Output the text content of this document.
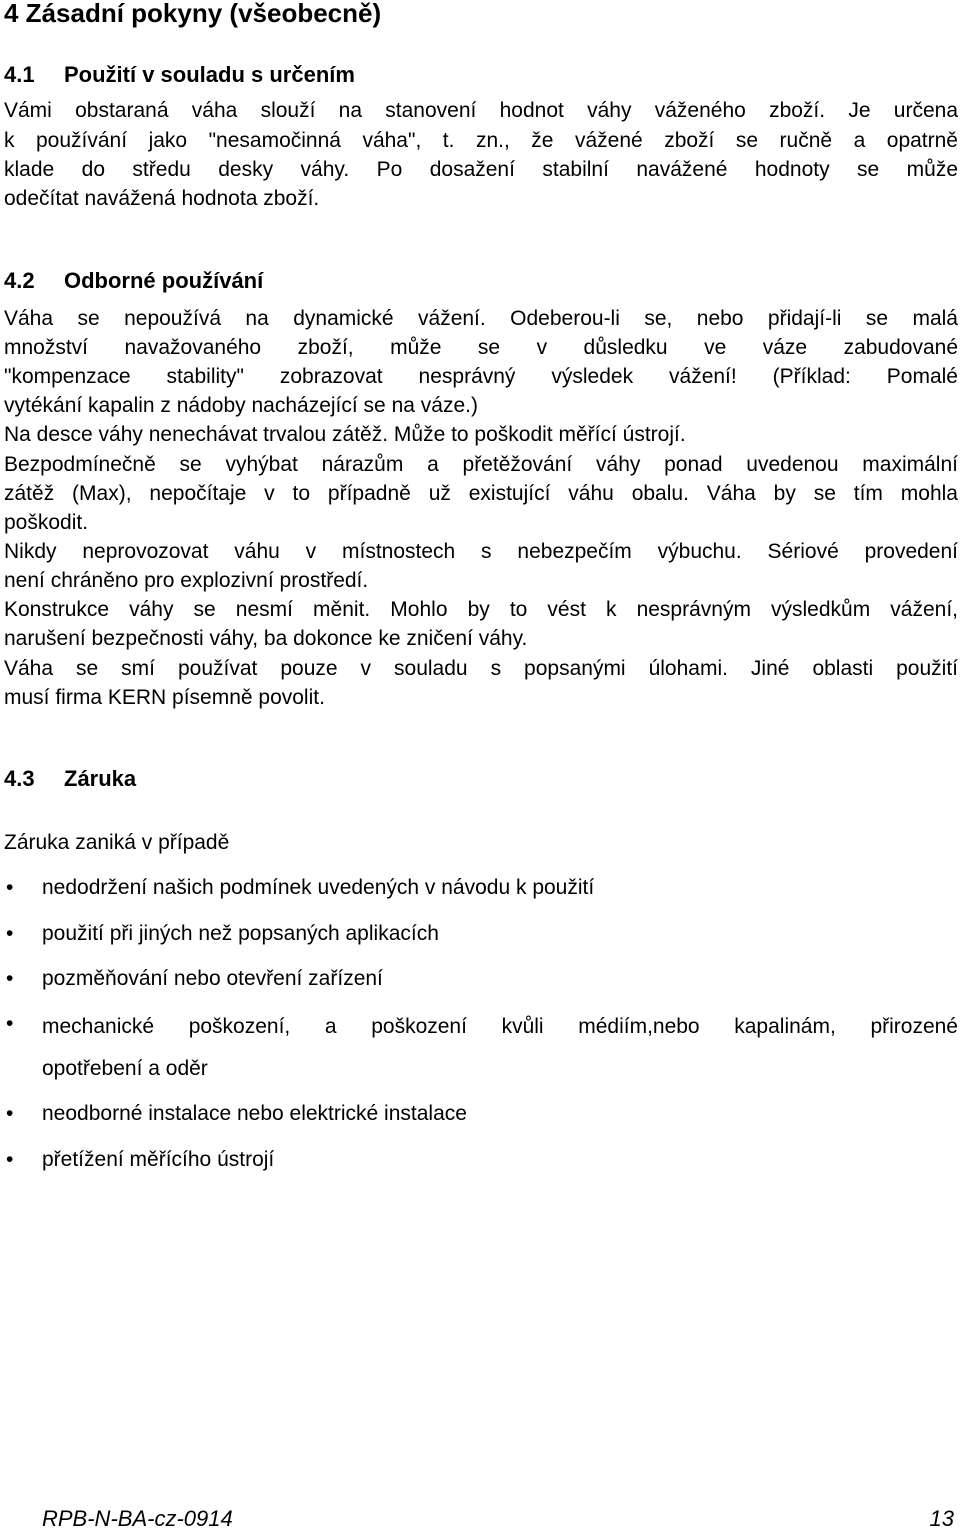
4 Zásadní pokyny (všeobecně)
4.1 Použití v souladu s určením
Vámi obstaraná váha slouží na stanovení hodnot váhy váženého zboží. Je určena
k používání jako "nesamočinná váha", t. zn., že vážené zboží se ručně a opatrně
klade do středu desky váhy. Po dosažení stabilní navážené hodnoty se může
odečítat navážená hodnota zboží.
4.2 Odborné používání
Váha se nepoužívá na dynamické vážení. Odeberou-li se, nebo přidají-li se malá
množství navažovaného zboží, může se v důsledku ve váze zabudované
"kompenzace stability" zobrazovat nesprávný výsledek vážení! (Příklad: Pomalé
vytékání kapalin z nádoby nacházející se na váze.)
Na desce váhy nenechávat trvalou zátěž. Může to poškodit měřící ústrojí.
Bezpodmínečně se vyhýbat nárazům a přetěžování váhy ponad uvedenou maximální
zátěž (Max), nepočítaje v to případně už existující váhu obalu. Váha by se tím mohla
poškodit.
Nikdy neprovozovat váhu v místnostech s nebezpečím výbuchu. Sériové provedení
není chráněno pro explozivní prostředí.
Konstrukce váhy se nesmí měnit. Mohlo by to vést k nesprávným výsledkům vážení,
narušení bezpečnosti váhy, ba dokonce ke zničení váhy.
Váha se smí používat pouze v souladu s popsanými úlohami. Jiné oblasti použití
musí firma KERN písemně povolit.
4.3 Záruka
Záruka zaniká v případě
• nedodržení našich podmínek uvedených v návodu k použití
• použití při jiných než popsaných aplikacích
• pozměňování nebo otevření zařízení
• mechanické poškození, a poškození kvůli médiím,nebo kapalinám, přirozené
opotřebení a oděr
• neodborné instalace nebo elektrické instalace
• přetížení měřícího ústrojí
RPB-N-BA-cz-0914	13
